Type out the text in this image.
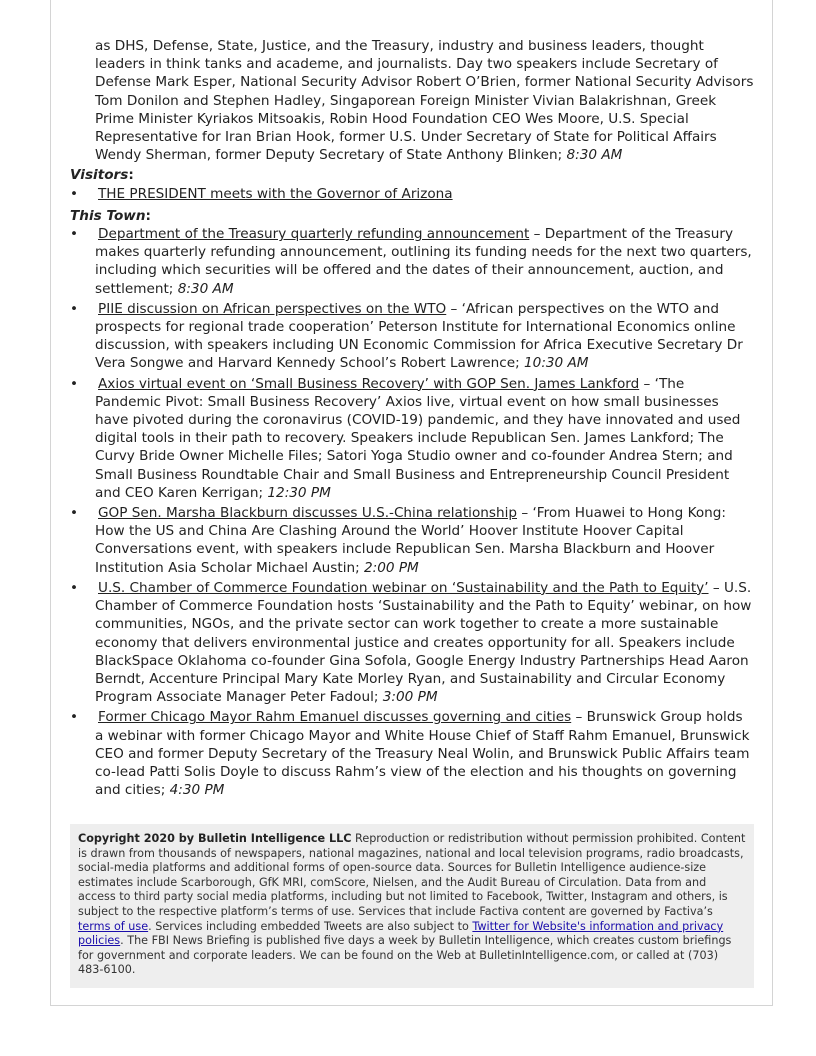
as DHS, Defense, State, Justice, and the Treasury, industry and business leaders, thought leaders in think tanks and academe, and journalists. Day two speakers include Secretary of Defense Mark Esper, National Security Advisor Robert O’Brien, former National Security Advisors Tom Donilon and Stephen Hadley, Singaporean Foreign Minister Vivian Balakrishnan, Greek Prime Minister Kyriakos Mitsoakis, Robin Hood Foundation CEO Wes Moore, U.S. Special Representative for Iran Brian Hook, former U.S. Under Secretary of State for Political Affairs Wendy Sherman, former Deputy Secretary of State Anthony Blinken; 8:30 AM
Visitors:
• THE PRESIDENT meets with the Governor of Arizona
This Town:
• Department of the Treasury quarterly refunding announcement – Department of the Treasury makes quarterly refunding announcement, outlining its funding needs for the next two quarters, including which securities will be offered and the dates of their announcement, auction, and settlement; 8:30 AM
• PIIE discussion on African perspectives on the WTO – ‘African perspectives on the WTO and prospects for regional trade cooperation’ Peterson Institute for International Economics online discussion, with speakers including UN Economic Commission for Africa Executive Secretary Dr Vera Songwe and Harvard Kennedy School’s Robert Lawrence; 10:30 AM
• Axios virtual event on ‘Small Business Recovery’ with GOP Sen. James Lankford – ‘The Pandemic Pivot: Small Business Recovery’ Axios live, virtual event on how small businesses have pivoted during the coronavirus (COVID-19) pandemic, and they have innovated and used digital tools in their path to recovery. Speakers include Republican Sen. James Lankford; The Curvy Bride Owner Michelle Files; Satori Yoga Studio owner and co-founder Andrea Stern; and Small Business Roundtable Chair and Small Business and Entrepreneurship Council President and CEO Karen Kerrigan; 12:30 PM
• GOP Sen. Marsha Blackburn discusses U.S.-China relationship – ‘From Huawei to Hong Kong: How the US and China Are Clashing Around the World’ Hoover Institute Hoover Capital Conversations event, with speakers include Republican Sen. Marsha Blackburn and Hoover Institution Asia Scholar Michael Austin; 2:00 PM
• U.S. Chamber of Commerce Foundation webinar on ‘Sustainability and the Path to Equity’ – U.S. Chamber of Commerce Foundation hosts ‘Sustainability and the Path to Equity’ webinar, on how communities, NGOs, and the private sector can work together to create a more sustainable economy that delivers environmental justice and creates opportunity for all. Speakers include BlackSpace Oklahoma co-founder Gina Sofola, Google Energy Industry Partnerships Head Aaron Berndt, Accenture Principal Mary Kate Morley Ryan, and Sustainability and Circular Economy Program Associate Manager Peter Fadoul; 3:00 PM
• Former Chicago Mayor Rahm Emanuel discusses governing and cities – Brunswick Group holds a webinar with former Chicago Mayor and White House Chief of Staff Rahm Emanuel, Brunswick CEO and former Deputy Secretary of the Treasury Neal Wolin, and Brunswick Public Affairs team co-lead Patti Solis Doyle to discuss Rahm’s view of the election and his thoughts on governing and cities; 4:30 PM
Copyright 2020 by Bulletin Intelligence LLC Reproduction or redistribution without permission prohibited. Content is drawn from thousands of newspapers, national magazines, national and local television programs, radio broadcasts, social-media platforms and additional forms of open-source data. Sources for Bulletin Intelligence audience-size estimates include Scarborough, GfK MRI, comScore, Nielsen, and the Audit Bureau of Circulation. Data from and access to third party social media platforms, including but not limited to Facebook, Twitter, Instagram and others, is subject to the respective platform’s terms of use. Services that include Factiva content are governed by Factiva’s terms of use. Services including embedded Tweets are also subject to Twitter for Website's information and privacy policies. The FBI News Briefing is published five days a week by Bulletin Intelligence, which creates custom briefings for government and corporate leaders. We can be found on the Web at BulletinIntelligence.com, or called at (703) 483-6100.
